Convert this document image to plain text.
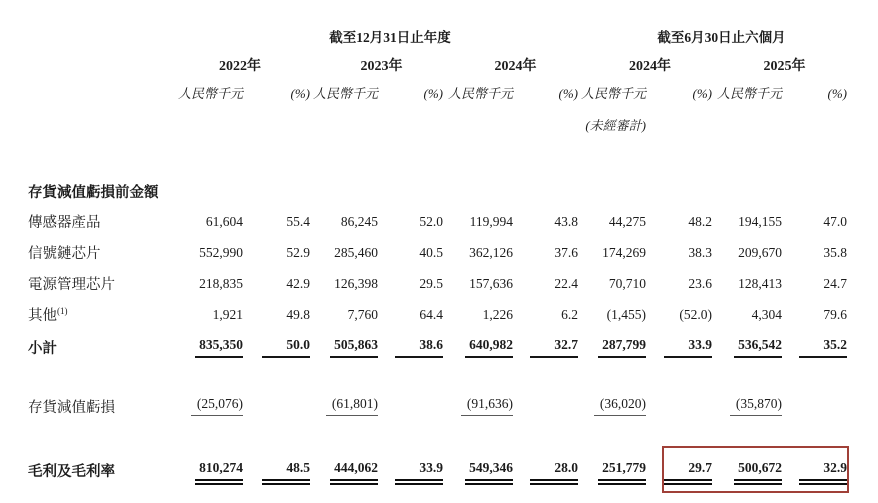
	截至12月31日止年度						截至6月30日止六個月			
	2022年		2023年		2024年		2024年		2025年	
	人民幣千元	(%)	人民幣千元	(%)	人民幣千元	(%)	人民幣千元	(%)	人民幣千元	(%)
							(未經審計)			

存貨減值虧損前金額										
傳感器產品	61,604	55.4	86,245	52.0	119,994	43.8	44,275	48.2	194,155	47.0
信號鏈芯片	552,990	52.9	285,460	40.5	362,126	37.6	174,269	38.3	209,670	35.8
電源管理芯片	218,835	42.9	126,398	29.5	157,636	22.4	70,710	23.6	128,413	24.7
其他$^{(1)}$	1,921	49.8	7,760	64.4	1,226	6.2	(1,455)	(52.0)	4,304	79.6
小計	835,350	50.0	505,863	38.6	640,982	32.7	287,799	33.9	536,542	35.2

存貨減值虧損	(25,076)		(61,801)		(91,636)		(36,020)		(35,870)	

毛利及毛利率	810,274	48.5	444,062	33.9	549,346	28.0	251,779	29.7	500,672	32.9
